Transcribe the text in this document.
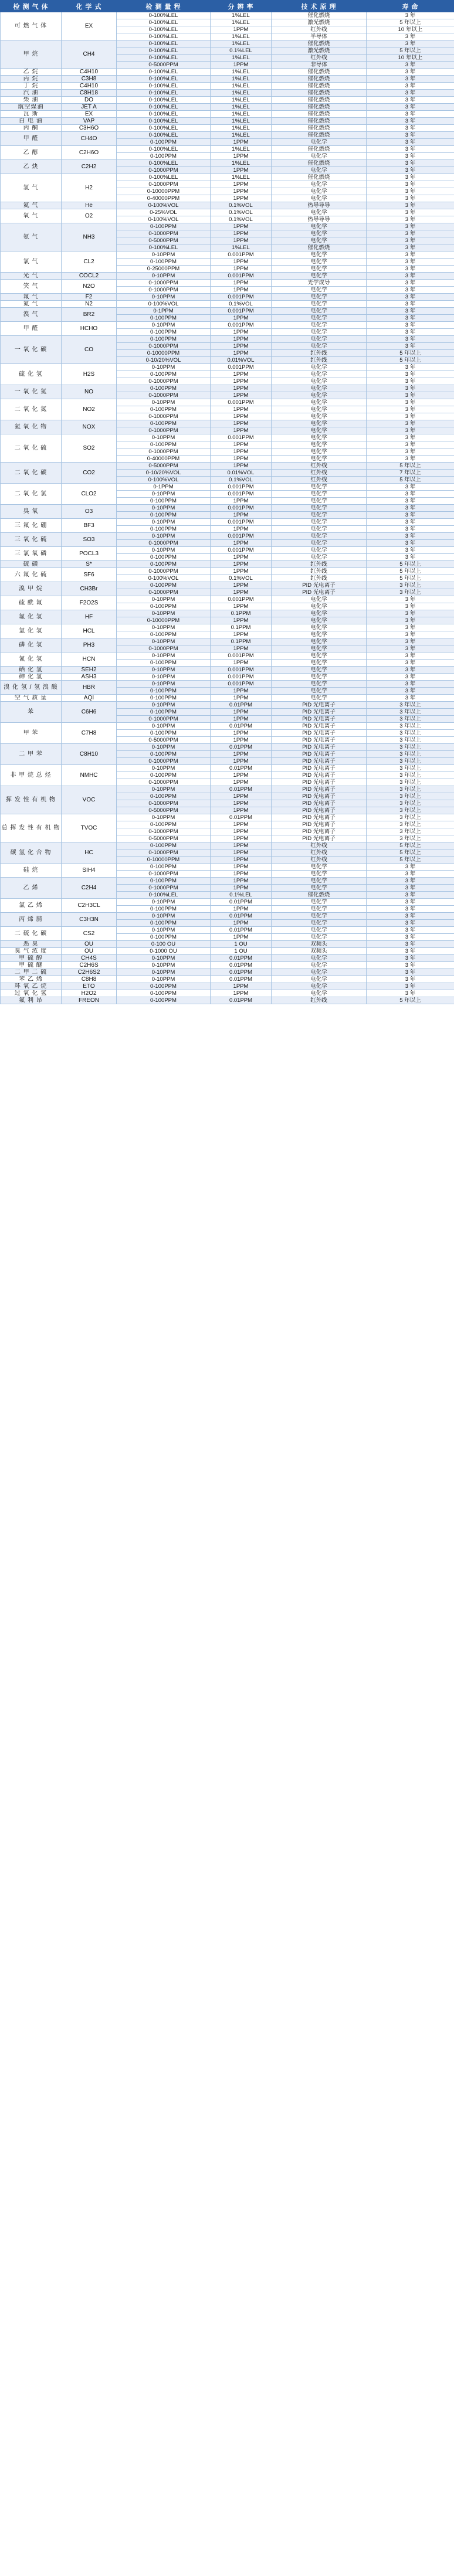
检 测 气 体	化 学 式	检 测 量 程	分 辨 率	技 术 原 理	寿 命
可 燃 气 体	EX	0-100%LEL	1%LEL	催化燃烧	3 年
		0-100%LEL	1%LEL	激光燃烧	5 年以上
		0-100%LEL	1PPM	红外线	10 年以上
		0-100%LEL	1%LEL	半导体	3 年
甲 烷	CH4	0-100%LEL	1%LEL	催化燃烧	3 年
		0-100%LEL	0.1%LEL	激光燃烧	5 年以上
		0-100%LEL	1%LEL	红外线	10 年以上
		0-5000PPM	1PPM	非导体	3 年
乙 烷	C4H10	0-100%LEL	1%LEL	催化燃烧	3 年
丙 烷	C3H8	0-100%LEL	1%LEL	催化燃烧	3 年
丁 烷	C4H10	0-100%LEL	1%LEL	催化燃烧	3 年
汽 油	C8H18	0-100%LEL	1%LEL	催化燃烧	3 年
柴 油	DO	0-100%LEL	1%LEL	催化燃烧	3 年
航空煤油	JET A	0-100%LEL	1%LEL	催化燃烧	3 年
瓦 斯	EX	0-100%LEL	1%LEL	催化燃烧	3 年
白 电 油	VAP	0-100%LEL	1%LEL	催化燃烧	3 年
丙 酮	C3H6O	0-100%LEL	1%LEL	催化燃烧	3 年
甲 醛	CH4O	0-100%LEL	1%LEL	催化燃烧	3 年
		0-100PPM	1PPM	电化学	3 年
乙 醇	C2H6O	0-100%LEL	1%LEL	催化燃烧	3 年
		0-100PPM	1PPM	电化学	3 年
乙 炔	C2H2	0-100%LEL	1%LEL	催化燃烧	3 年
		0-1000PPM	1PPM	电化学	3 年
氢 气	H2	0-100%LEL	1%LEL	催化燃烧	3 年
		0-1000PPM	1PPM	电化学	3 年
		0-10000PPM	1PPM	电化学	3 年
		0-40000PPM	1PPM	电化学	3 年
氦 气	He	0-100%VOL	0.1%VOL	热导导导	3 年
氧 气	O2	0-25%VOL	0.1%VOL	电化学	3 年
		0-100%VOL	0.1%VOL	热导导导	3 年
氨 气	NH3	0-100PPM	1PPM	电化学	3 年
		0-1000PPM	1PPM	电化学	3 年
		0-5000PPM	1PPM	电化学	3 年
		0-100%LEL	1%LEL	催化燃烧	3 年
氯 气	CL2	0-10PPM	0.001PPM	电化学	3 年
		0-100PPM	1PPM	电化学	3 年
		0-25000PPM	1PPM	电化学	3 年
光 气	COCL2	0-10PPM	0.001PPM	电化学	3 年
笑 气	N2O	0-1000PPM	1PPM	光学成导	3 年
		0-1000PPM	1PPM	电化学	3 年
氟 气	F2	0-10PPM	0.001PPM	电化学	3 年
氮 气	N2	0-100%VOL	0.1%VOL	电化学	3 年
溴 气	BR2	0-1PPM	0.001PPM	电化学	3 年
		0-100PPM	1PPM	电化学	3 年
甲 醛	HCHO	0-10PPM	0.001PPM	电化学	3 年
		0-100PPM	1PPM	电化学	3 年
一 氧 化 碳	CO	0-100PPM	1PPM	电化学	3 年
		0-1000PPM	1PPM	电化学	3 年
		0-10000PPM	1PPM	红外线	5 年以上
		0-10/20%VOL	0.01%VOL	红外线	5 年以上
硫 化 氢	H2S	0-10PPM	0.001PPM	电化学	3 年
		0-100PPM	1PPM	电化学	3 年
		0-1000PPM	1PPM	电化学	3 年
一 氧 化 氮	NO	0-100PPM	1PPM	电化学	3 年
		0-1000PPM	1PPM	电化学	3 年
二 氧 化 氮	NO2	0-10PPM	0.001PPM	电化学	3 年
		0-100PPM	1PPM	电化学	3 年
		0-1000PPM	1PPM	电化学	3 年
氮 氧 化 物	NOX	0-100PPM	1PPM	电化学	3 年
		0-1000PPM	1PPM	电化学	3 年
二 氧 化 硫	SO2	0-10PPM	0.001PPM	电化学	3 年
		0-100PPM	1PPM	电化学	3 年
		0-1000PPM	1PPM	电化学	3 年
		0-40000PPM	1PPM	电化学	3 年
二 氧 化 碳	CO2	0-5000PPM	1PPM	红外线	5 年以上
		0-10/20%VOL	0.01%VOL	红外线	7 年以上
		0-100%VOL	0.1%VOL	红外线	5 年以上
二 氧 化 氯	CLO2	0-1PPM	0.001PPM	电化学	3 年
		0-10PPM	0.001PPM	电化学	3 年
		0-100PPM	1PPM	电化学	3 年
臭 氧	O3	0-10PPM	0.001PPM	电化学	3 年
		0-100PPM	1PPM	电化学	3 年
三 氟 化 硼	BF3	0-10PPM	0.001PPM	电化学	3 年
		0-100PPM	1PPM	电化学	3 年
三 氧 化 硫	SO3	0-10PPM	0.001PPM	电化学	3 年
		0-1000PPM	1PPM	电化学	3 年
三 氯 氧 磷	POCL3	0-10PPM	0.001PPM	电化学	3 年
		0-100PPM	1PPM	电化学	3 年
硫 磺	S*	0-100PPM	1PPM	红外线	5 年以上
六 氟 化 硫	SF6	0-1000PPM	1PPM	红外线	5 年以上
		0-100%VOL	0.1%VOL	红外线	5 年以上
溴 甲 烷	CH3Br	0-100PPM	1PPM	PID 光电离子	3 年以上
		0-1000PPM	1PPM	PID 光电离子	3 年以上
硫 酰 氟	F2O2S	0-10PPM	0.001PPM	电化学	3 年
		0-100PPM	1PPM	电化学	3 年
氟 化 氢	HF	0-10PPM	0.1PPM	电化学	3 年
		0-10000PPM	1PPM	电化学	3 年
氯 化 氢	HCL	0-10PPM	0.1PPM	电化学	3 年
		0-100PPM	1PPM	电化学	3 年
磷 化 氢	PH3	0-10PPM	0.1PPM	电化学	3 年
		0-1000PPM	1PPM	电化学	3 年
氰 化 氢	HCN	0-10PPM	0.001PPM	电化学	3 年
		0-100PPM	1PPM	电化学	3 年
硒 化 氢	SEH2	0-10PPM	0.001PPM	电化学	3 年
砷 化 氢	ASH3	0-10PPM	0.001PPM	电化学	3 年
溴 化 氢 / 氢 溴 酸	HBR	0-10PPM	0.001PPM	电化学	3 年
		0-100PPM	1PPM	电化学	3 年
空 气 质 量	AQI	0-100PPM	1PPM	电化学	3 年
苯	C6H6	0-10PPM	0.01PPM	PID 光电离子	3 年以上
		0-100PPM	1PPM	PID 光电离子	3 年以上
		0-1000PPM	1PPM	PID 光电离子	3 年以上
甲 苯	C7H8	0-10PPM	0.01PPM	PID 光电离子	3 年以上
		0-100PPM	1PPM	PID 光电离子	3 年以上
		0-5000PPM	1PPM	PID 光电离子	3 年以上
二 甲 苯	C8H10	0-10PPM	0.01PPM	PID 光电离子	3 年以上
		0-100PPM	1PPM	PID 光电离子	3 年以上
		0-1000PPM	1PPM	PID 光电离子	3 年以上
非 甲 烷 总 烃	NMHC	0-10PPM	0.01PPM	PID 光电离子	3 年以上
		0-100PPM	1PPM	PID 光电离子	3 年以上
		0-1000PPM	1PPM	PID 光电离子	3 年以上
挥 发 性 有 机 物	VOC	0-10PPM	0.01PPM	PID 光电离子	3 年以上
		0-100PPM	1PPM	PID 光电离子	3 年以上
		0-1000PPM	1PPM	PID 光电离子	3 年以上
		0-5000PPM	1PPM	PID 光电离子	3 年以上
总 挥 发 性 有 机 物	TVOC	0-10PPM	0.01PPM	PID 光电离子	3 年以上
		0-100PPM	1PPM	PID 光电离子	3 年以上
		0-1000PPM	1PPM	PID 光电离子	3 年以上
		0-5000PPM	1PPM	PID 光电离子	3 年以上
碳 氢 化 合 物	HC	0-100PPM	1PPM	红外线	5 年以上
		0-1000PPM	1PPM	红外线	5 年以上
		0-10000PPM	1PPM	红外线	5 年以上
硅 烷	SIH4	0-100PPM	1PPM	电化学	3 年
		0-1000PPM	1PPM	电化学	3 年
乙 烯	C2H4	0-100PPM	1PPM	电化学	3 年
		0-1000PPM	1PPM	电化学	3 年
		0-100%LEL	0.1%LEL	催化燃烧	3 年
氯 乙 烯	C2H3CL	0-10PPM	0.01PPM	电化学	3 年
		0-100PPM	1PPM	电化学	3 年
丙 烯 腈	C3H3N	0-10PPM	0.01PPM	电化学	3 年
		0-100PPM	1PPM	电化学	3 年
二 硫 化 碳	CS2	0-10PPM	0.01PPM	电化学	3 年
		0-100PPM	1PPM	电化学	3 年
恶 臭	OU	0-100 OU	1 OU	双频头	3 年
臭 气 浓 度	OU	0-1000 OU	1 OU	双频头	3 年
甲 硫 醇	CH4S	0-10PPM	0.01PPM	电化学	3 年
甲 硫 醚	C2H6S	0-10PPM	0.01PPM	电化学	3 年
二 甲 二 硫	C2H6S2	0-10PPM	0.01PPM	电化学	3 年
苯 乙 烯	C8H8	0-10PPM	0.01PPM	电化学	3 年
环 氧 乙 烷	ETO	0-100PPM	1PPM	电化学	3 年
过 氧 化 氢	H2O2	0-100PPM	1PPM	电化学	3 年
氟 利 昂	FREON	0-100PPM	0.01PPM	红外线	5 年以上
